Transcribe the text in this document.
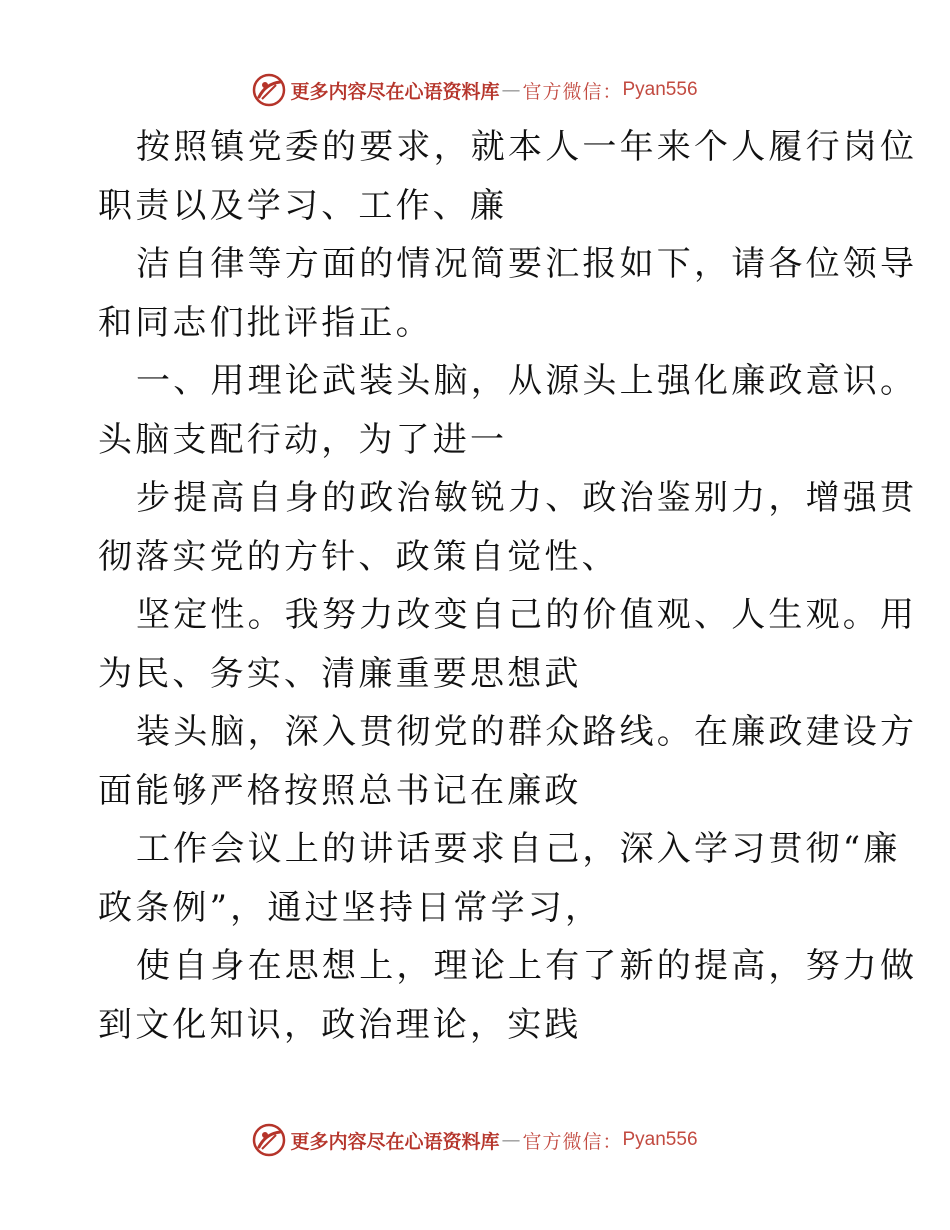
更多内容尽在心语资料库 — 官方微信： Pyan556
按照镇党委的要求，就本人一年来个人履行岗位
职责以及学习、工作、廉
洁自律等方面的情况简要汇报如下，请各位领导
和同志们批评指正。
一、用理论武装头脑，从源头上强化廉政意识。
头脑支配行动，为了进一
步提高自身的政治敏锐力、政治鉴别力，增强贯
彻落实党的方针、政策自觉性、
坚定性。我努力改变自己的价值观、人生观。用
为民、务实、清廉重要思想武
装头脑，深入贯彻党的群众路线。在廉政建设方
面能够严格按照总书记在廉政
工作会议上的讲话要求自己，深入学习贯彻“廉
政条例”，通过坚持日常学习，
使自身在思想上，理论上有了新的提高，努力做
到文化知识，政治理论，实践
更多内容尽在心语资料库 — 官方微信： Pyan556
